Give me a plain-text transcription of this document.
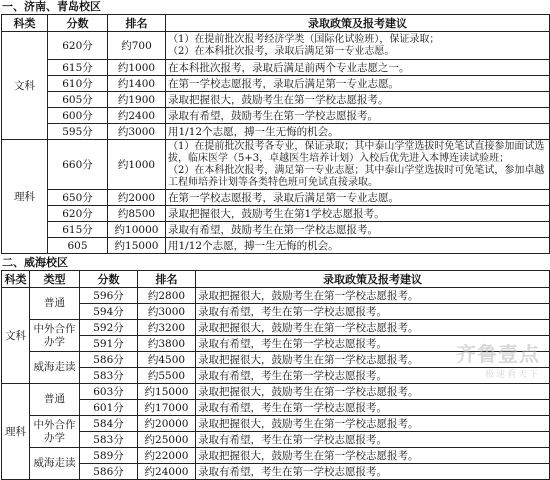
一、济南、青岛校区
科类	分数	排名	录取政策及报考建议
文科	620分	约700	（1）在提前批次报考经济学类（国际化试验班），保证录取；
（2）在本科批次报考，录取后满足第一专业志愿。

	615分	约1000	在本科批次报考，录取后满足前两个专业志愿之一。
	610分	约1400	在第一学校志愿报考，录取后满足第一专业志愿。
	605分	约1900	录取把握很大，鼓励考生在第一学校志愿报考。
	600分	约2400	录取有希望，鼓励考生在第一学校志愿报考。
	595分	约3000	用1/12个志愿，搏一生无悔的机会。
理科	660分	约1000	（1）在提前批次报考各专业，保证录取；其中泰山学堂选拔时免笔试直接参加面试选拔，临床医学（5+3，卓越医生培养计划）入校后优先进入本博连读试验班；
（2）在本科批次报考，满足第一专业志愿；其中泰山学堂选拔时可免笔试，参加卓越工程师培养计划等各类特色班可免试直接录取。

	650分	约2000	在第一学校志愿报考，录取后满足第一专业志愿。
	620分	约8500	录取把握很大，鼓励考生在第1学校志愿报考。
	615分	约10000	录取有希望，鼓励考生在第一学校志愿报考。
	605	约15000	用1/12个志愿，搏一生无悔的机会。
二、威海校区
科类	类型	分数	排名	录取政策及报考建议
文科	普通	596分	约2800	录取把握很大，鼓励考生在第一学校志愿报考。
		594分	约3000	录取有希望，考生在第一学校志愿报考。
	中外合作办学	592分	约3200	录取把握很大，鼓励考生在第一学校志愿报考。
		591分	约3800	录取有希望，考生在第一学校志愿报考。
	威海走读	586分	约4500	录取把握很大，鼓励考生在第一学校志愿报考。
		583分	约5500	录取有希望，考生在第一学校志愿报考。
理科	普通	603分	约15000	录取把握很大，鼓励考生在第一学校志愿报考。
		601分	约17000	录取有希望，考生在第一学校志愿报考。
	中外合作办学	584分	约20000	录取把握很大，鼓励考生在第一学校志愿报考。
		583分	约25000	录取有希望，考生在第一学校志愿报考。
	威海走读	589分	约22000	录取把握很大，鼓励考生在第一学校志愿报考。
		586分	约24000	录取有希望，考生在第一学校志愿报考。
齐鲁壹点
极速看天下
